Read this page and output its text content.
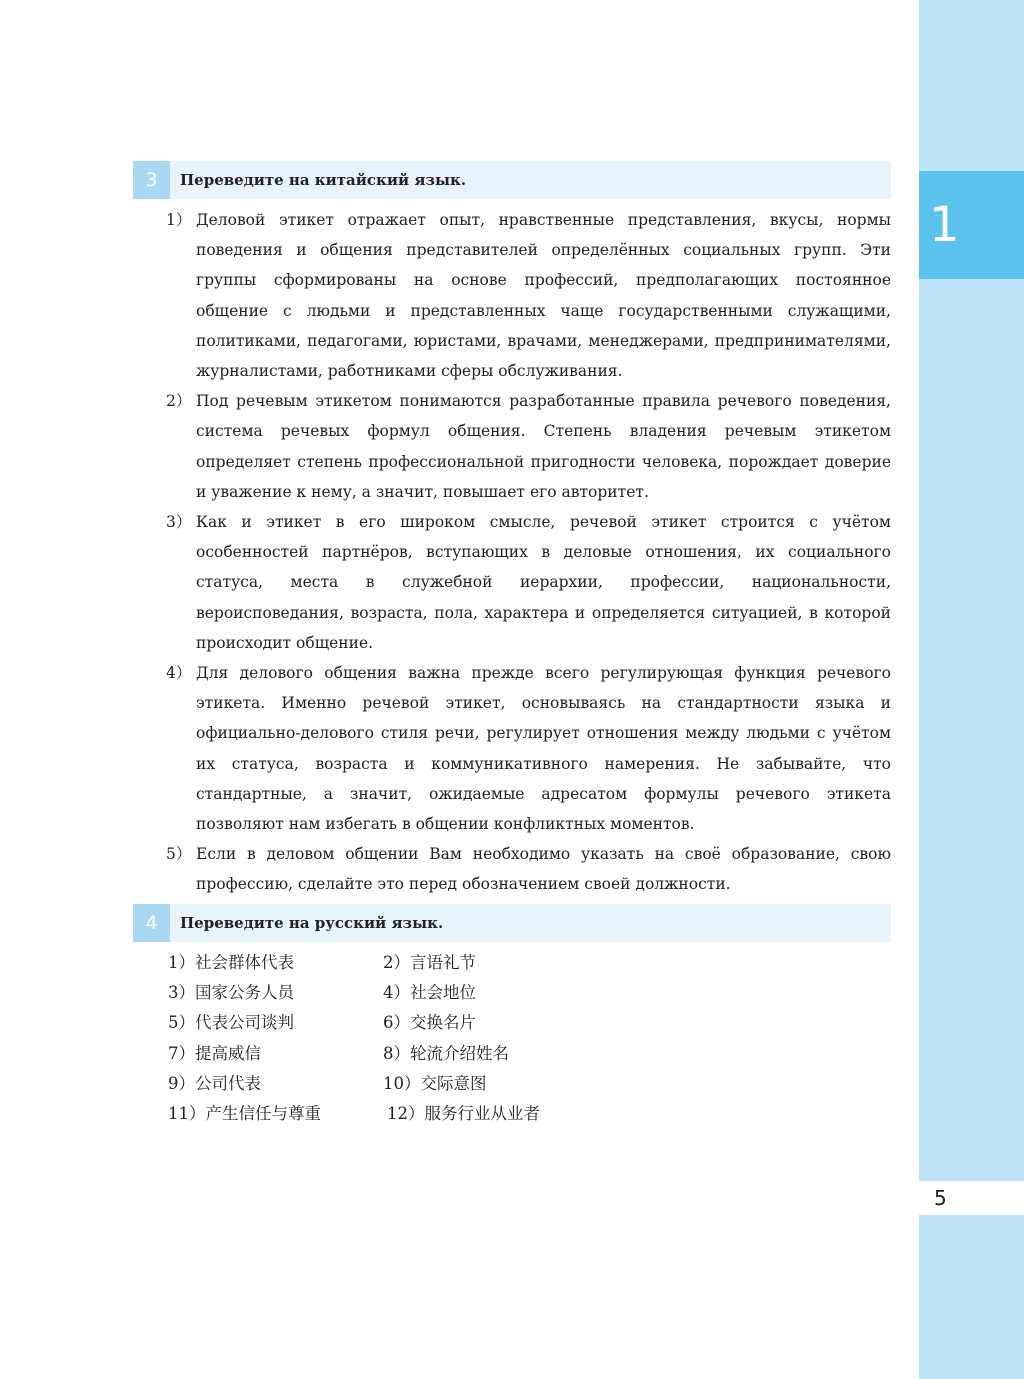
1
5
3	Переведите на китайский язык.
1） Деловой этикет отражает опыт, нравственные представления, вкусы, нормы поведения и общения представителей определённых социальных групп. Эти группы сформированы на основе профессий, предполагающих постоянное общение с людьми и представленных чаще государственными служащими, политиками, педагогами, юристами, врачами, менеджерами, предпринимателями, журналистами, работниками сферы обслуживания.
2） Под речевым этикетом понимаются разработанные правила речевого поведения, система речевых формул общения. Степень владения речевым этикетом определяет степень профессиональной пригодности человека, порождает доверие и уважение к нему, а значит, повышает его авторитет.
3） Как и этикет в его широком смысле, речевой этикет строится с учётом особенностей партнёров, вступающих в деловые отношения, их социального статуса, места в служебной иерархии, профессии, национальности, вероисповедания, возраста, пола, характера и определяется ситуацией, в которой происходит общение.
4） Для делового общения важна прежде всего регулирующая функция речевого этикета. Именно речевой этикет, основываясь на стандартности языка и официально-делового стиля речи, регулирует отношения между людьми с учётом их статуса, возраста и коммуникативного намерения. Не забывайте, что стандартные, а значит, ожидаемые адресатом формулы речевого этикета позволяют нам избегать в общении конфликтных моментов.
5） Если в деловом общении Вам необходимо указать на своё образование, свою профессию, сделайте это перед обозначением своей должности.
4	Переведите на русский язык.
1）社会群体代表	2）言语礼节
3）国家公务人员	4）社会地位
5）代表公司谈判	6）交换名片
7）提高威信	8）轮流介绍姓名
9）公司代表	10）交际意图
11）产生信任与尊重	12）服务行业从业者
